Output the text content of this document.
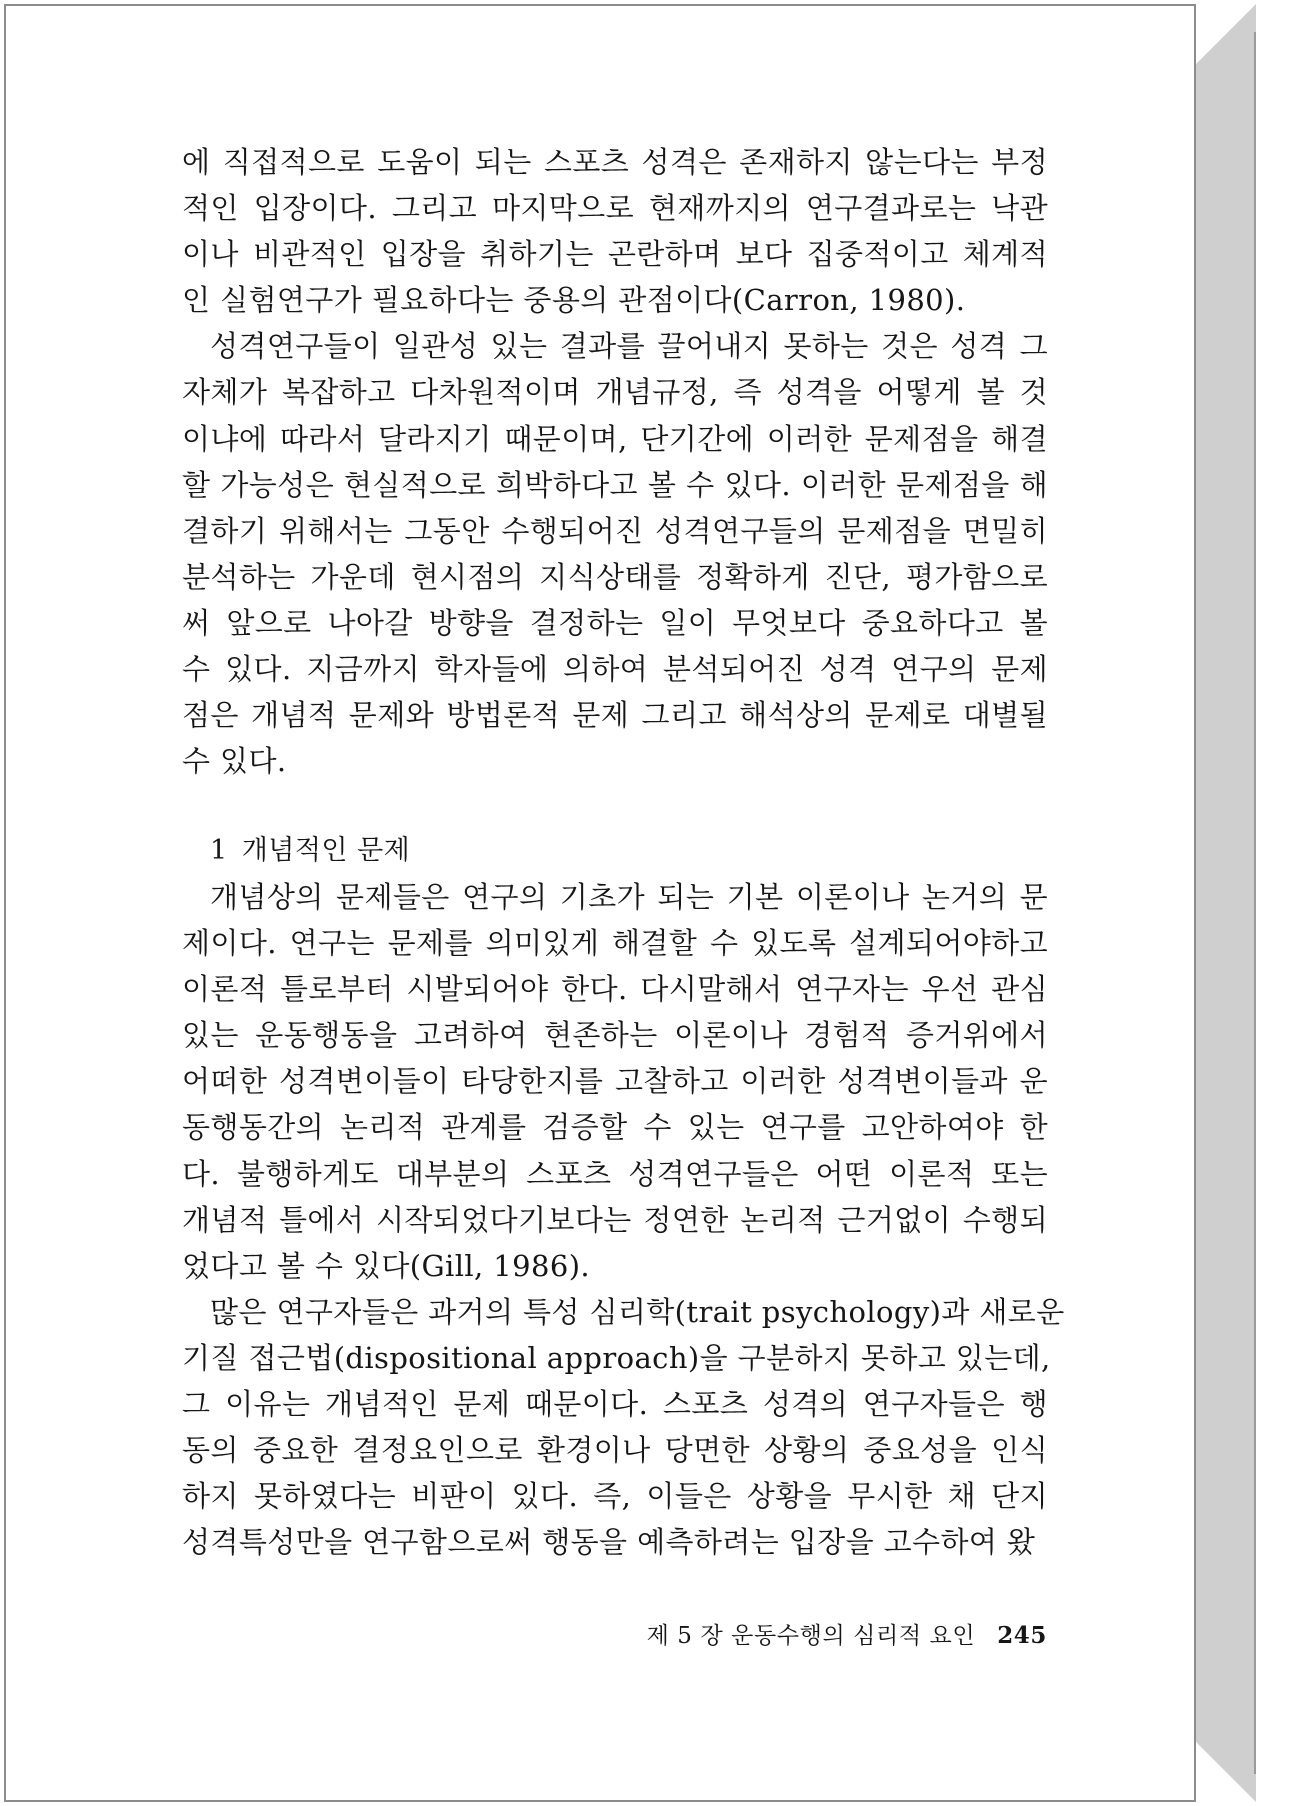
에 직접적으로 도움이 되는 스포츠 성격은 존재하지 않는다는 부정
적인 입장이다. 그리고 마지막으로 현재까지의 연구결과로는 낙관
이나 비관적인 입장을 취하기는 곤란하며 보다 집중적이고 체계적
인 실험연구가 필요하다는 중용의 관점이다(Carron, 1980).

성격연구들이 일관성 있는 결과를 끌어내지 못하는 것은 성격 그
자체가 복잡하고 다차원적이며 개념규정, 즉 성격을 어떻게 볼 것
이냐에 따라서 달라지기 때문이며, 단기간에 이러한 문제점을 해결
할 가능성은 현실적으로 희박하다고 볼 수 있다. 이러한 문제점을 해
결하기 위해서는 그동안 수행되어진 성격연구들의 문제점을 면밀히
분석하는 가운데 현시점의 지식상태를 정확하게 진단, 평가함으로
써 앞으로 나아갈 방향을 결정하는 일이 무엇보다 중요하다고 볼
수 있다. 지금까지 학자들에 의하여 분석되어진 성격 연구의 문제
점은 개념적 문제와 방법론적 문제 그리고 해석상의 문제로 대별될
수 있다.

1 개념적인 문제

개념상의 문제들은 연구의 기초가 되는 기본 이론이나 논거의 문
제이다. 연구는 문제를 의미있게 해결할 수 있도록 설계되어야하고
이론적 틀로부터 시발되어야 한다. 다시말해서 연구자는 우선 관심
있는 운동행동을 고려하여 현존하는 이론이나 경험적 증거위에서
어떠한 성격변이들이 타당한지를 고찰하고 이러한 성격변이들과 운
동행동간의 논리적 관계를 검증할 수 있는 연구를 고안하여야 한
다. 불행하게도 대부분의 스포츠 성격연구들은 어떤 이론적 또는
개념적 틀에서 시작되었다기보다는 정연한 논리적 근거없이 수행되
었다고 볼 수 있다(Gill, 1986).

많은 연구자들은 과거의 특성 심리학(trait psychology)과 새로운
기질 접근법(dispositional approach)을 구분하지 못하고 있는데,
그 이유는 개념적인 문제 때문이다. 스포츠 성격의 연구자들은 행
동의 중요한 결정요인으로 환경이나 당면한 상황의 중요성을 인식
하지 못하였다는 비판이 있다. 즉, 이들은 상황을 무시한 채 단지
성격특성만을 연구함으로써 행동을 예측하려는 입장을 고수하여 왔

제 5 장 운동수행의 심리적 요인 245
